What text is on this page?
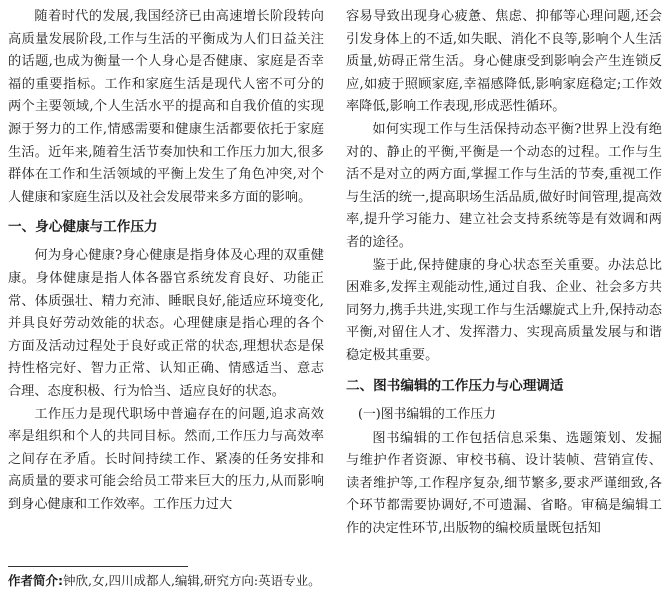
随着时代的发展,我国经济已由高速增长阶段转向高质量发展阶段,工作与生活的平衡成为人们日益关注的话题,也成为衡量一个人身心是否健康、家庭是否幸福的重要指标。工作和家庭生活是现代人密不可分的两个主要领域,个人生活水平的提高和自我价值的实现源于努力的工作,情感需要和健康生活都要依托于家庭生活。近年来,随着生活节奏加快和工作压力加大,很多群体在工作和生活领域的平衡上发生了角色冲突,对个人健康和家庭生活以及社会发展带来多方面的影响。

一、身心健康与工作压力

何为身心健康?身心健康是指身体及心理的双重健康。身体健康是指人体各器官系统发育良好、功能正常、体质强壮、精力充沛、睡眠良好,能适应环境变化,并具良好劳动效能的状态。心理健康是指心理的各个方面及活动过程处于良好或正常的状态,理想状态是保持性格完好、智力正常、认知正确、情感适当、意志合理、态度积极、行为恰当、适应良好的状态。

工作压力是现代职场中普遍存在的问题,追求高效率是组织和个人的共同目标。然而,工作压力与高效率之间存在矛盾。长时间持续工作、紧凑的任务安排和高质量的要求可能会给员工带来巨大的压力,从而影响到身心健康和工作效率。工作压力过大

容易导致出现身心疲惫、焦虑、抑郁等心理问题,还会引发身体上的不适,如失眠、消化不良等,影响个人生活质量,妨碍正常生活。身心健康受到影响会产生连锁反应,如疲于照顾家庭,幸福感降低,影响家庭稳定;工作效率降低,影响工作表现,形成恶性循环。

如何实现工作与生活保持动态平衡?世界上没有绝对的、静止的平衡,平衡是一个动态的过程。工作与生活不是对立的两方面,掌握工作与生活的节奏,重视工作与生活的统一,提高职场生活品质,做好时间管理,提高效率,提升学习能力、建立社会支持系统等是有效调和两者的途径。

鉴于此,保持健康的身心状态至关重要。办法总比困难多,发挥主观能动性,通过自我、企业、社会多方共同努力,携手共进,实现工作与生活螺旋式上升,保持动态平衡,对留住人才、发挥潜力、实现高质量发展与和谐稳定极其重要。

二、图书编辑的工作压力与心理调适
(一)图书编辑的工作压力

图书编辑的工作包括信息采集、选题策划、发掘与维护作者资源、审校书稿、设计装帧、营销宣传、读者维护等,工作程序复杂,细节繁多,要求严谨细致,各个环节都需要协调好,不可遗漏、省略。审稿是编辑工作的决定性环节,出版物的编校质量既包括知

作者简介:钟欣,女,四川成都人,编辑,研究方向:英语专业。
